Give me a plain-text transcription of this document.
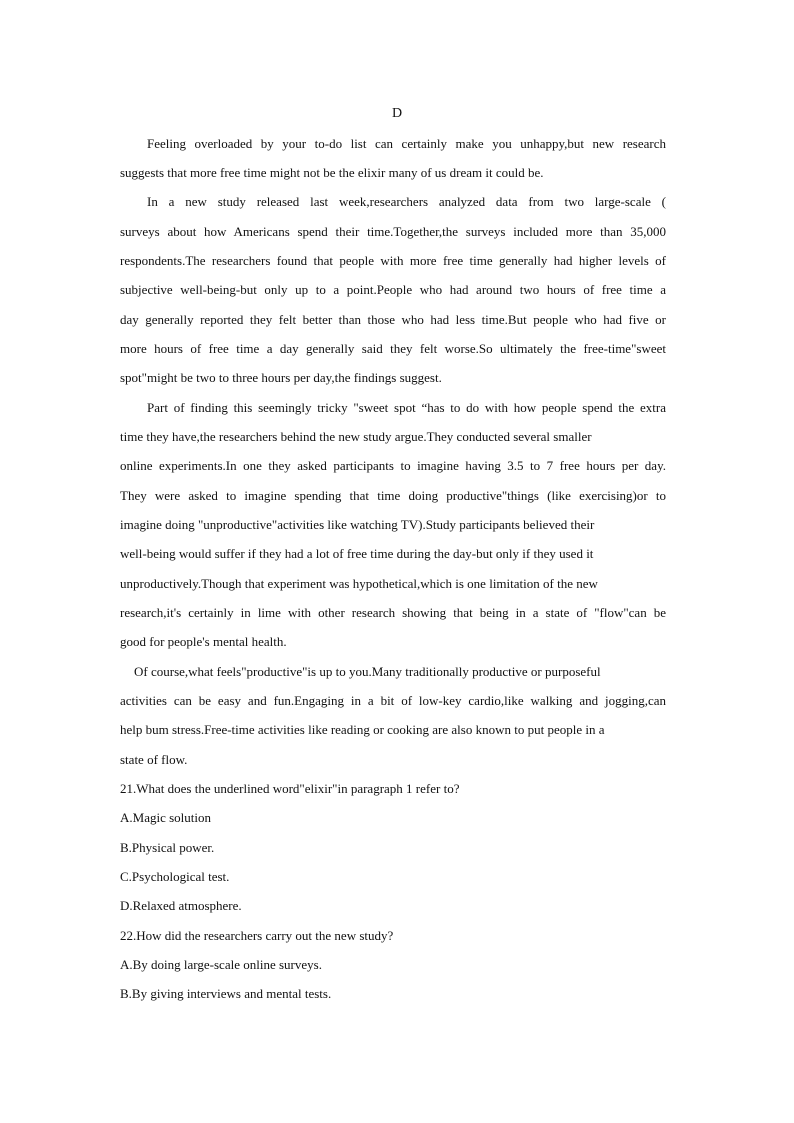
D
Feeling overloaded by your to-do list can certainly make you unhappy,but new research
suggests that more free time might not be the elixir many of us dream it could be.
In a new study released last week,researchers analyzed data from two large-scale (
surveys about how Americans spend their time.Together,the surveys included more than 35,000
respondents.The researchers found that people with more free time generally had higher levels of
subjective well-being-but only up to a point.People who had around two hours of free time a
day generally reported they felt better than those who had less time.But people who had five or
more hours of free time a day generally said they felt worse.So ultimately the free-time"sweet
spot"might be two to three hours per day,the findings suggest.
Part of finding this seemingly tricky "sweet spot “has to do with how people spend the extra
time they have,the researchers behind the new study argue.They conducted several smaller
online experiments.In one they asked participants to imagine having 3.5 to 7 free hours per day.
They were asked to imagine spending that time doing productive"things (like exercising)or to
imagine doing "unproductive"activities like watching TV).Study participants believed their
well-being would suffer if they had a lot of free time during the day-but only if they used it
unproductively.Though that experiment was hypothetical,which is one limitation of the new
research,it's certainly in lime with other research showing that being in a state of "flow"can be
good for people's mental health.
Of course,what feels"productive"is up to you.Many traditionally productive or purposeful
activities can be easy and fun.Engaging in a bit of low-key cardio,like walking and jogging,can
help bum stress.Free-time activities like reading or cooking are also known to put people in a
state of flow.
21.What does the underlined word"elixir"in paragraph 1 refer to?
A.Magic solution
B.Physical power.
C.Psychological test.
D.Relaxed atmosphere.
22.How did the researchers carry out the new study?
A.By doing large-scale online surveys.
B.By giving interviews and mental tests.
